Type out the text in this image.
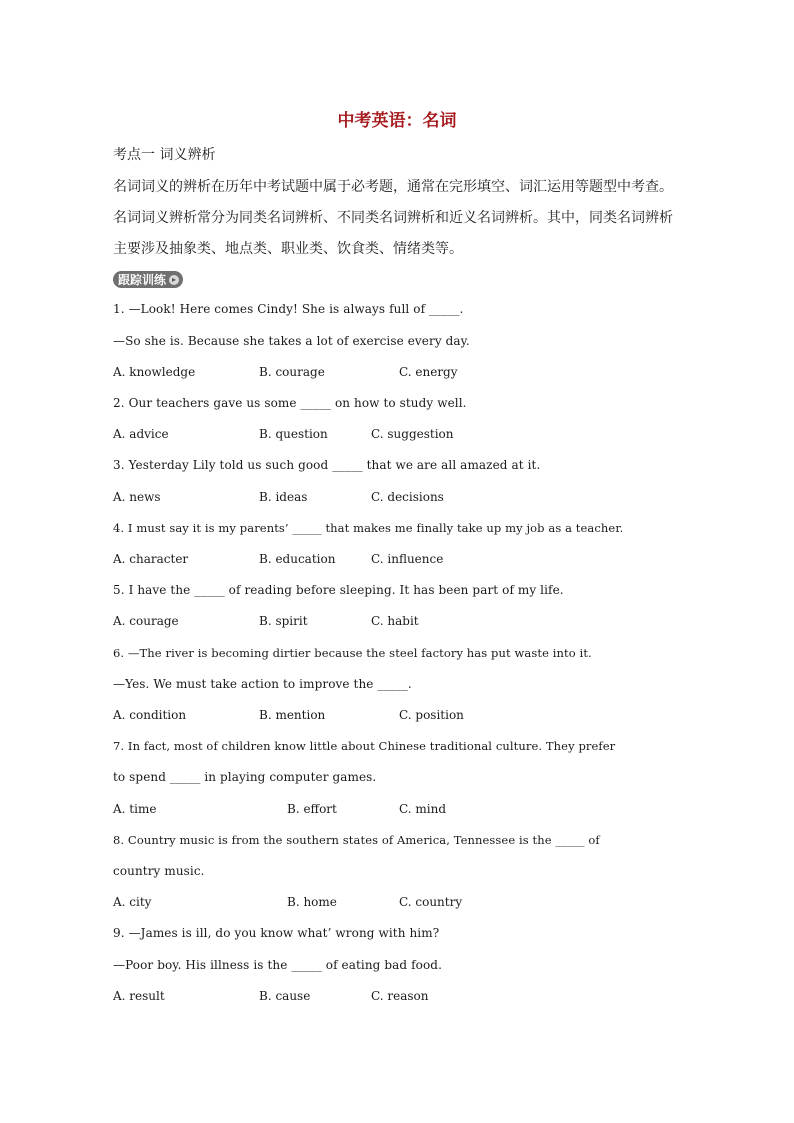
中考英语：名词
考点一 词义辨析
名词词义的辨析在历年中考试题中属于必考题，通常在完形填空、词汇运用等题型中考查。名词词义辨析常分为同类名词辨析、不同类名词辨析和近义名词辨析。其中，同类名词辨析主要涉及抽象类、地点类、职业类、饮食类、情绪类等。
跟踪训练 ▸
1. —Look! Here comes Cindy! She is always full of _____.
—So she is. Because she takes a lot of exercise every day.
A. knowledge	B. courage	C. energy
2. Our teachers gave us some _____ on how to study well.
A. advice	B. question	C. suggestion
3. Yesterday Lily told us such good _____ that we are all amazed at it.
A. news	B. ideas	C. decisions
4. I must say it is my parents’ _____ that makes me finally take up my job as a teacher.
A. character	B. education	C. influence
5. I have the _____ of reading before sleeping. It has been part of my life.
A. courage	B. spirit	C. habit
6. —The river is becoming dirtier because the steel factory has put waste into it.
—Yes. We must take action to improve the _____.
A. condition	B. mention	C. position
7. In fact, most of children know little about Chinese traditional culture. They prefer
to spend _____ in playing computer games.
A. time	B. effort	C. mind
8. Country music is from the southern states of America, Tennessee is the _____ of
country music.
A. city	B. home	C. country
9. —James is ill, do you know what’ wrong with him?
—Poor boy. His illness is the _____ of eating bad food.
A. result	B. cause	C. reason
